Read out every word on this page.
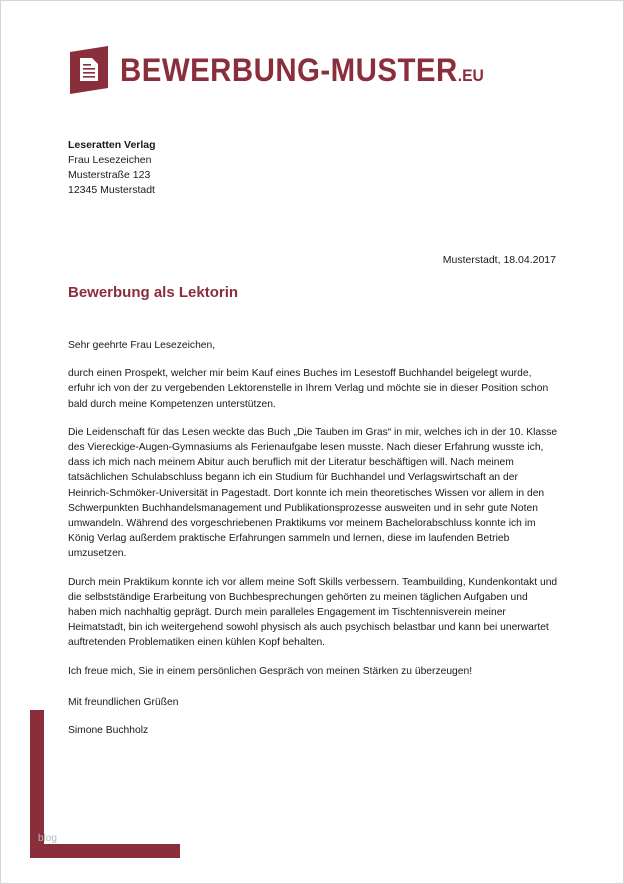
BEWERBUNG-MUSTER.EU
Leseratten Verlag
Frau Lesezeichen
Musterstraße 123
12345 Musterstadt
Musterstadt, 18.04.2017
Bewerbung als Lektorin

Sehr geehrte Frau Lesezeichen,

durch einen Prospekt, welcher mir beim Kauf eines Buches im Lesestoff Buchhandel beigelegt wurde, erfuhr ich von der zu vergebenden Lektorenstelle in Ihrem Verlag und möchte sie in dieser Position schon bald durch meine Kompetenzen unterstützen.

Die Leidenschaft für das Lesen weckte das Buch „Die Tauben im Gras“ in mir, welches ich in der 10. Klasse des Viereckige-Augen-Gymnasiums als Ferienaufgabe lesen musste. Nach dieser Erfahrung wusste ich, dass ich mich nach meinem Abitur auch beruflich mit der Literatur beschäftigen will. Nach meinem tatsächlichen Schulabschluss begann ich ein Studium für Buchhandel und Verlagswirtschaft an der Heinrich-Schmöker-Universität in Pagestadt. Dort konnte ich mein theoretisches Wissen vor allem in den Schwerpunkten Buchhandelsmanagement und Publikationsprozesse ausweiten und in sehr gute Noten umwandeln. Während des vorgeschriebenen Praktikums vor meinem Bachelorabschluss konnte ich im König Verlag außerdem praktische Erfahrungen sammeln und lernen, diese im laufenden Betrieb umzusetzen.

Durch mein Praktikum konnte ich vor allem meine Soft Skills verbessern. Teambuilding, Kundenkontakt und die selbstständige Erarbeitung von Buchbesprechungen gehörten zu meinen täglichen Aufgaben und haben mich nachhaltig geprägt. Durch mein paralleles Engagement im Tischtennisverein meiner Heimatstadt, bin ich weitergehend sowohl physisch als auch psychisch belastbar und kann bei unerwartet auftretenden Problematiken einen kühlen Kopf behalten.

Ich freue mich, Sie in einem persönlichen Gespräch von meinen Stärken zu überzeugen!

Mit freundlichen Grüßen
Simone Buchholz
blog
